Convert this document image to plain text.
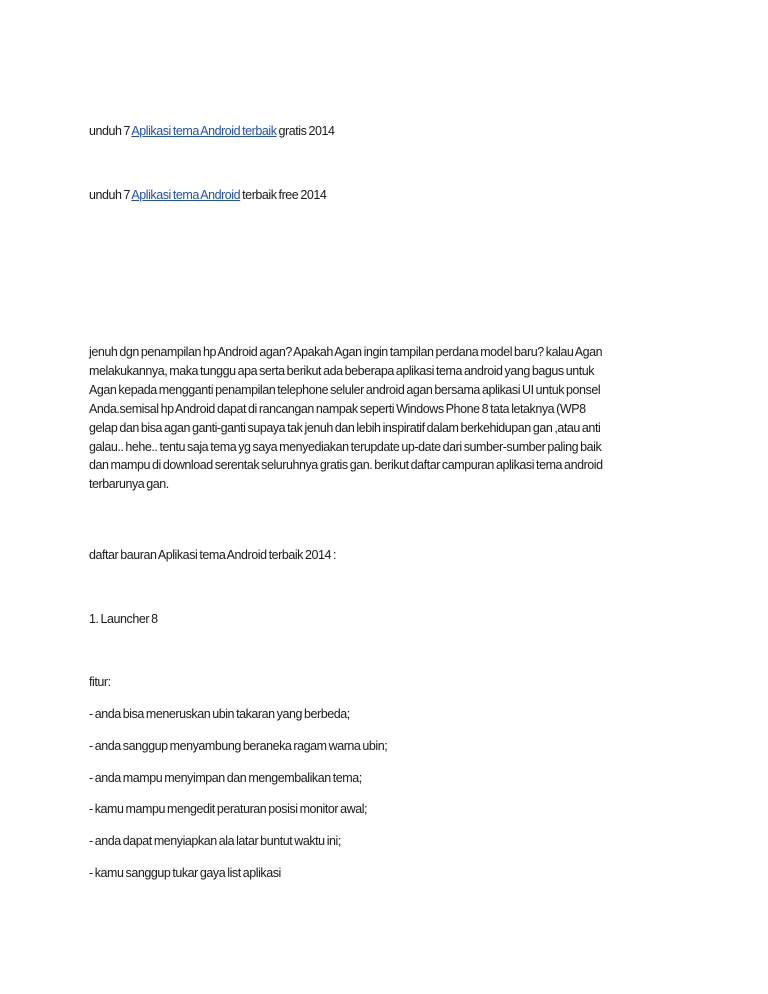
unduh 7 Aplikasi tema Android terbaik gratis 2014
unduh 7 Aplikasi tema Android terbaik free 2014
jenuh dgn penampilan hp Android agan? Apakah Agan ingin tampilan perdana model baru? kalau Agan
melakukannya, maka tunggu apa serta berikut ada beberapa aplikasi tema android yang bagus untuk
Agan kepada mengganti penampilan telephone seluler android agan bersama aplikasi UI untuk ponsel
Anda.semisal hp Android dapat di rancangan nampak seperti Windows Phone 8 tata letaknya (WP8
gelap dan bisa agan ganti-ganti supaya tak jenuh dan lebih inspiratif dalam berkehidupan gan ,atau anti
galau.. hehe.. tentu saja tema yg saya menyediakan terupdate up-date dari sumber-sumber paling baik
dan mampu di download serentak seluruhnya gratis gan. berikut daftar campuran aplikasi tema android
terbarunya gan.
daftar bauran Aplikasi tema Android terbaik 2014 :
1. Launcher 8
fitur:
- anda bisa meneruskan ubin takaran yang berbeda;
- anda sanggup menyambung beraneka ragam warna ubin;
- anda mampu menyimpan dan mengembalikan tema;
- kamu mampu mengedit peraturan posisi monitor awal;
- anda dapat menyiapkan ala latar buntut waktu ini;
- kamu sanggup tukar gaya list aplikasi
